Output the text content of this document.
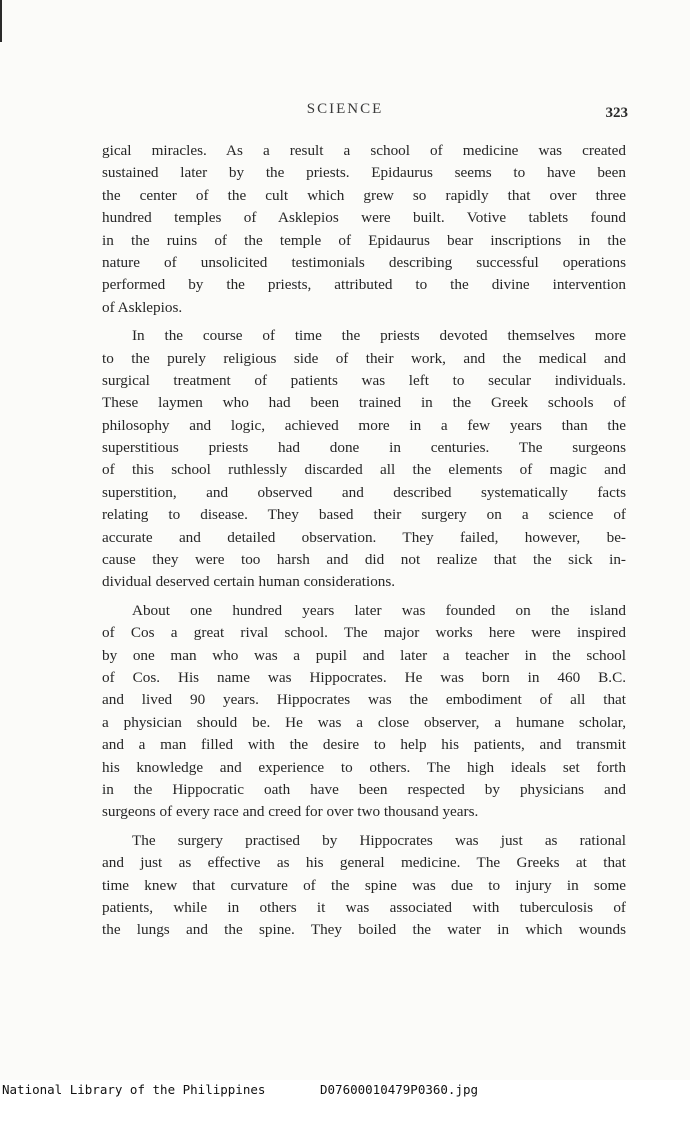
SCIENCE	323
gical miracles. As a result a school of medicine was created
sustained later by the priests. Epidaurus seems to have been
the center of the cult which grew so rapidly that over three
hundred temples of Asklepios were built. Votive tablets found
in the ruins of the temple of Epidaurus bear inscriptions in the
nature of unsolicited testimonials describing successful operations
performed by the priests, attributed to the divine intervention
of Asklepios.
In the course of time the priests devoted themselves more
to the purely religious side of their work, and the medical and
surgical treatment of patients was left to secular individuals.
These laymen who had been trained in the Greek schools of
philosophy and logic, achieved more in a few years than the
superstitious priests had done in centuries. The surgeons
of this school ruthlessly discarded all the elements of magic and
superstition, and observed and described systematically facts
relating to disease. They based their surgery on a science of
accurate and detailed observation. They failed, however, be-
cause they were too harsh and did not realize that the sick in-
dividual deserved certain human considerations.
About one hundred years later was founded on the island
of Cos a great rival school. The major works here were inspired
by one man who was a pupil and later a teacher in the school
of Cos. His name was Hippocrates. He was born in 460 B.C.
and lived 90 years. Hippocrates was the embodiment of all that
a physician should be. He was a close observer, a humane scholar,
and a man filled with the desire to help his patients, and transmit
his knowledge and experience to others. The high ideals set forth
in the Hippocratic oath have been respected by physicians and
surgeons of every race and creed for over two thousand years.
The surgery practised by Hippocrates was just as rational
and just as effective as his general medicine. The Greeks at that
time knew that curvature of the spine was due to injury in some
patients, while in others it was associated with tuberculosis of
the lungs and the spine. They boiled the water in which wounds

National Library of the Philippines

	D07600010479P0360.jpg
